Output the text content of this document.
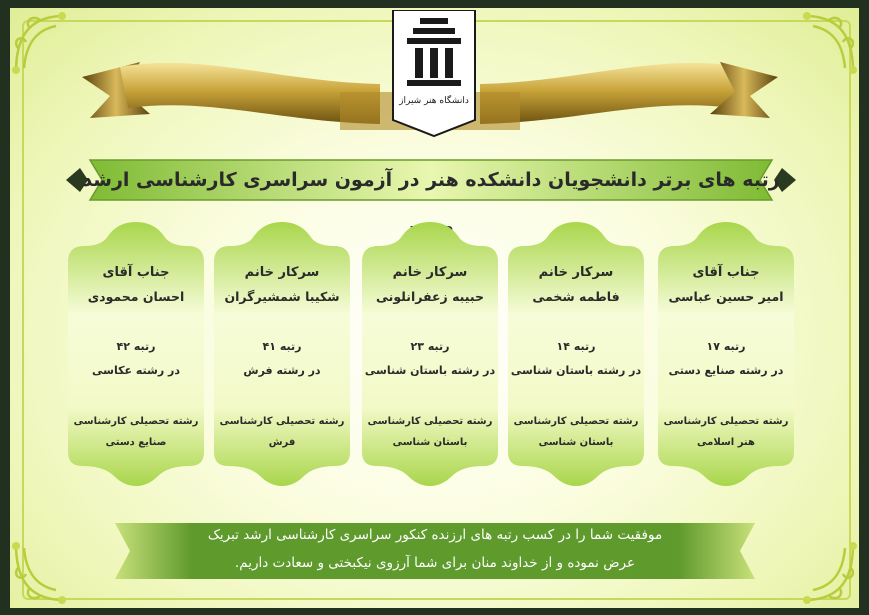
دانشگاه هنر شیراز
رتبه های برتر دانشجویان دانشکده هنر در آزمون سراسری کارشناسی ارشد
جناب آقای
امیر حسین عباسی
رتبه ۱۷
در رشته صنایع دستی
رشته تحصیلی کارشناسی
هنر اسلامی
سرکار خانم
فاطمه شخمی
رتبه ۱۴
در رشته باستان شناسی
رشته تحصیلی کارشناسی
باستان شناسی
سرکار خانم
حبیبه زعفرانلونی
رتبه ۲۳
در رشته باستان شناسی
رشته تحصیلی کارشناسی
باستان شناسی
سرکار خانم
شکیبا شمشیرگران
رتبه ۴۱
در رشته فرش
رشته تحصیلی کارشناسی
فرش
جناب آقای
احسان محمودی
رتبه ۴۲
در رشته عکاسی
رشته تحصیلی کارشناسی
صنایع دستی
موفقیت شما را در کسب رتبه های ارزنده کنکور سراسری کارشناسی ارشد تبریک
عرض نموده و از خداوند منان برای شما آرزوی نیکبختی و سعادت داریم.
